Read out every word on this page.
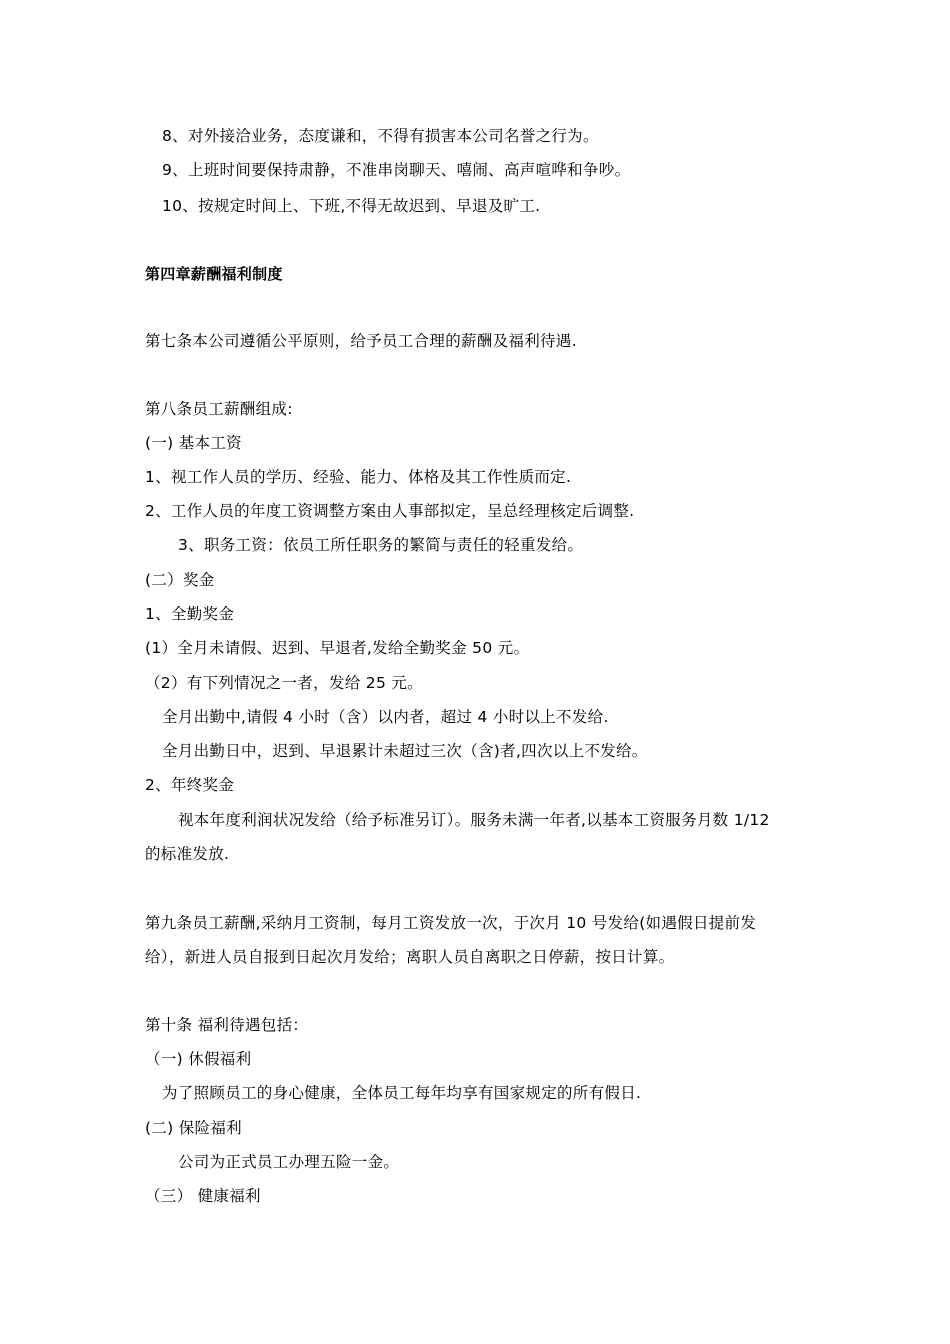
8、对外接洽业务，态度谦和，不得有损害本公司名誉之行为。
9、上班时间要保持肃静，不准串岗聊天、嘻闹、高声喧哗和争吵。
10、按规定时间上、下班,不得无故迟到、早退及旷工.
第四章薪酬福利制度
第七条本公司遵循公平原则，给予员工合理的薪酬及福利待遇.
第八条员工薪酬组成:
(一) 基本工资
1、视工作人员的学历、经验、能力、体格及其工作性质而定.
2、工作人员的年度工资调整方案由人事部拟定，呈总经理核定后调整.
3、职务工资：依员工所任职务的繁简与责任的轻重发给。
(二）奖金
1、全勤奖金
(1）全月未请假、迟到、早退者,发给全勤奖金 50 元。
（2）有下列情况之一者，发给 25 元。
全月出勤中,请假 4 小时（含）以内者，超过 4 小时以上不发给.
全月出勤日中，迟到、早退累计未超过三次（含)者,四次以上不发给。
2、年终奖金
视本年度利润状况发给（给予标准另订）。服务未满一年者,以基本工资服务月数 1/12
的标准发放.
第九条员工薪酬,采纳月工资制，每月工资发放一次，于次月 10 号发给(如遇假日提前发
给），新进人员自报到日起次月发给；离职人员自离职之日停薪，按日计算。
第十条 福利待遇包括：
（一) 休假福利
为了照顾员工的身心健康，全体员工每年均享有国家规定的所有假日.
(二) 保险福利
公司为正式员工办理五险一金。
（三） 健康福利
